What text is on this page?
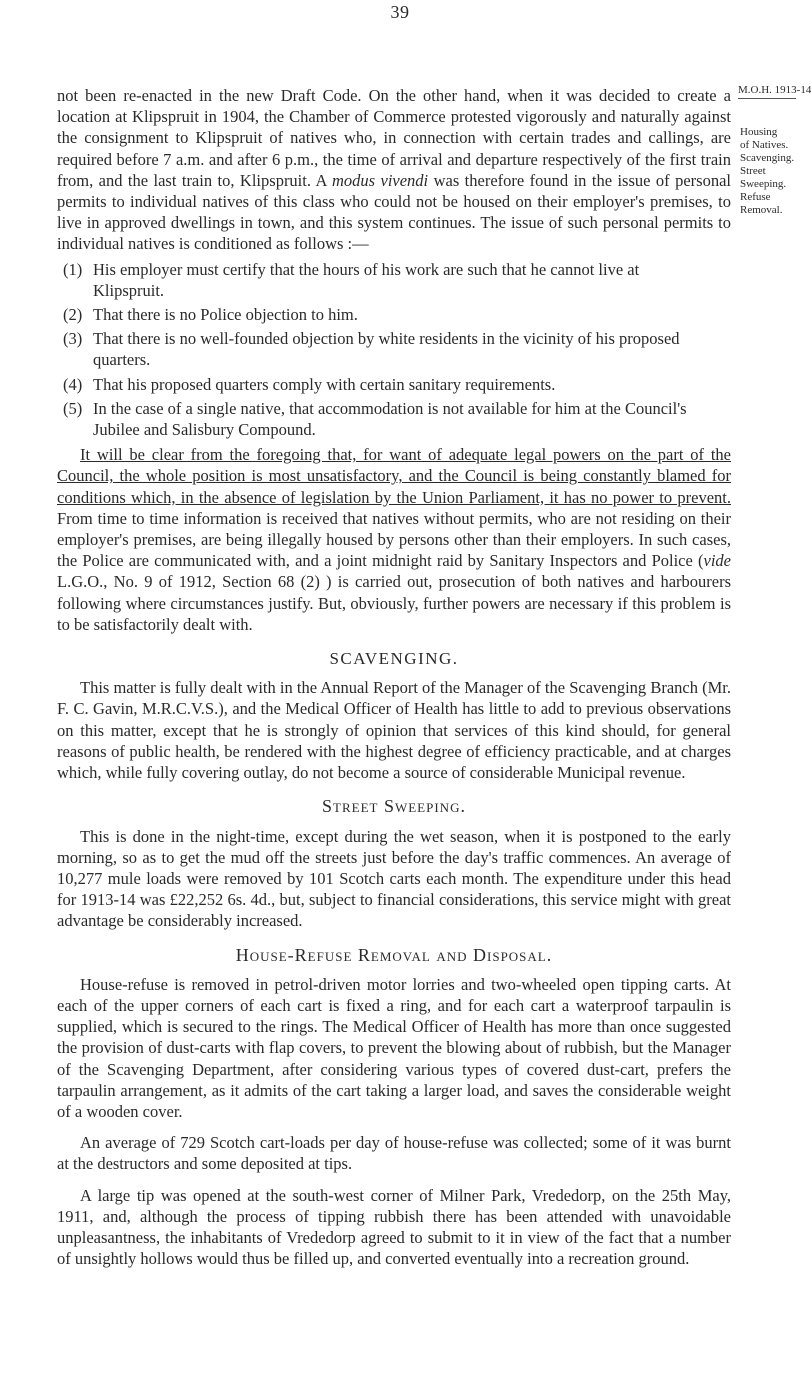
39
M.O.H. 1913-14
Housing
of Natives.
Scavenging.
Street
Sweeping.
Refuse
Removal.

not been re-enacted in the new Draft Code. On the other hand, when it was decided to create a location at Klipspruit in 1904, the Chamber of Commerce protested vigorously and naturally against the consignment to Klipspruit of natives who, in connection with certain trades and callings, are required before 7 a.m. and after 6 p.m., the time of arrival and departure respectively of the first train from, and the last train to, Klipspruit. A modus vivendi was therefore found in the issue of personal permits to individual natives of this class who could not be housed on their employer's premises, to live in approved dwellings in town, and this system continues. The issue of such personal permits to individual natives is conditioned as follows :—

(1) His employer must certify that the hours of his work are such that he cannot live at Klipspruit.
(2) That there is no Police objection to him.
(3) That there is no well-founded objection by white residents in the vicinity of his proposed quarters.
(4) That his proposed quarters comply with certain sanitary requirements.
(5) In the case of a single native, that accommodation is not available for him at the Council's Jubilee and Salisbury Compound.

It will be clear from the foregoing that, for want of adequate legal powers on the part of the Council, the whole position is most unsatisfactory, and the Council is being constantly blamed for conditions which, in the absence of legislation by the Union Parliament, it has no power to prevent. From time to time information is received that natives without permits, who are not residing on their employer's premises, are being illegally housed by persons other than their employers. In such cases, the Police are communicated with, and a joint midnight raid by Sanitary Inspectors and Police (vide L.G.O., No. 9 of 1912, Section 68 (2) ) is carried out, prosecution of both natives and harbourers following where circumstances justify. But, obviously, further powers are necessary if this problem is to be satisfactorily dealt with.

SCAVENGING.

This matter is fully dealt with in the Annual Report of the Manager of the Scavenging Branch (Mr. F. C. Gavin, M.R.C.V.S.), and the Medical Officer of Health has little to add to previous observations on this matter, except that he is strongly of opinion that services of this kind should, for general reasons of public health, be rendered with the highest degree of efficiency practicable, and at charges which, while fully covering outlay, do not become a source of considerable Municipal revenue.

Street Sweeping.

This is done in the night-time, except during the wet season, when it is postponed to the early morning, so as to get the mud off the streets just before the day's traffic commences. An average of 10,277 mule loads were removed by 101 Scotch carts each month. The expenditure under this head for 1913-14 was £22,252 6s. 4d., but, subject to financial considerations, this service might with great advantage be considerably increased.

House-Refuse Removal and Disposal.

House-refuse is removed in petrol-driven motor lorries and two-wheeled open tipping carts. At each of the upper corners of each cart is fixed a ring, and for each cart a waterproof tarpaulin is supplied, which is secured to the rings. The Medical Officer of Health has more than once suggested the provision of dust-carts with flap covers, to prevent the blowing about of rubbish, but the Manager of the Scavenging Department, after considering various types of covered dust-cart, prefers the tarpaulin arrangement, as it admits of the cart taking a larger load, and saves the considerable weight of a wooden cover.

An average of 729 Scotch cart-loads per day of house-refuse was collected; some of it was burnt at the destructors and some deposited at tips.

A large tip was opened at the south-west corner of Milner Park, Vrededorp, on the 25th May, 1911, and, although the process of tipping rubbish there has been attended with unavoidable unpleasantness, the inhabitants of Vrededorp agreed to submit to it in view of the fact that a number of unsightly hollows would thus be filled up, and converted eventually into a recreation ground.
